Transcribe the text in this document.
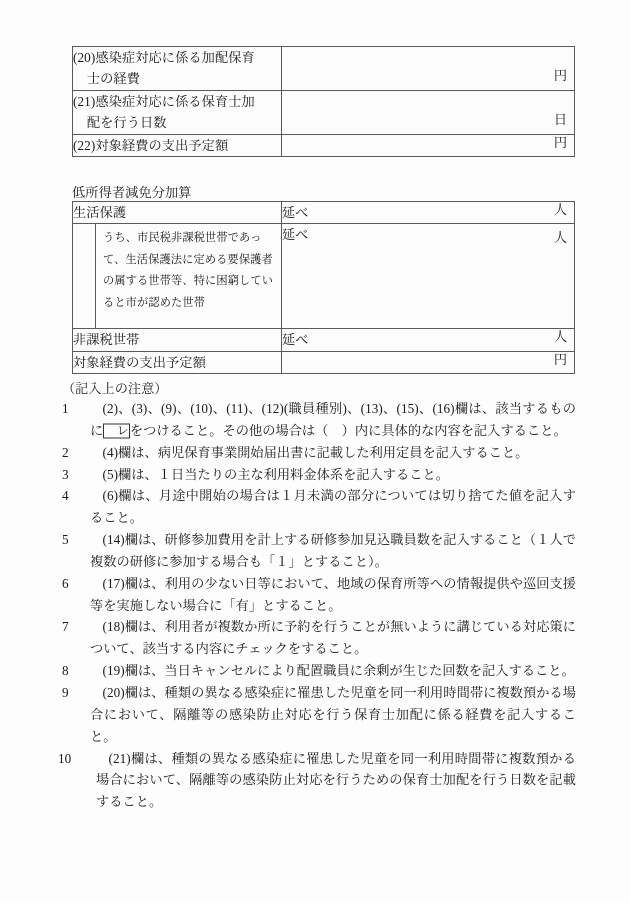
(20)感染症対応に係る加配保育
士の経費	円

(21)感染症対応に係る保育士加
配を行う日数	日

(22)対象経費の支出予定額	円
低所得者減免分加算
生活保護	延べ 人

うち、市民税非課税世帯であって、生活保護法に定める要保護者の属する世帯等、特に困窮していると市が認めた世帯	延べ 人

非課税世帯	延べ 人

対象経費の支出予定額	円
（記入上の注意）
1	(2)、(3)、(9)、(10)、(11)、(12)(職員種別)、(13)、(15)、(16)欄は、該当するものに レをつけること。その他の場合は（　）内に具体的な内容を記入すること。
2	(4)欄は、病児保育事業開始届出書に記載した利用定員を記入すること。
3	(5)欄は、１日当たりの主な利用料金体系を記入すること。
4	(6)欄は、月途中開始の場合は１月未満の部分については切り捨てた値を記入すること。
5	(14)欄は、研修参加費用を計上する研修参加見込職員数を記入すること（１人で複数の研修に参加する場合も「１」とすること）。
6	(17)欄は、利用の少ない日等において、地域の保育所等への情報提供や巡回支援等を実施しない場合に「有」とすること。
7	(18)欄は、利用者が複数か所に予約を行うことが無いように講じている対応策について、該当する内容にチェックをすること。
8	(19)欄は、当日キャンセルにより配置職員に余剰が生じた回数を記入すること。
9	(20)欄は、種類の異なる感染症に罹患した児童を同一利用時間帯に複数預かる場合において、隔離等の感染防止対応を行う保育士加配に係る経費を記入すること。
10	(21)欄は、種類の異なる感染症に罹患した児童を同一利用時間帯に複数預かる場合において、隔離等の感染防止対応を行うための保育士加配を行う日数を記載すること。
